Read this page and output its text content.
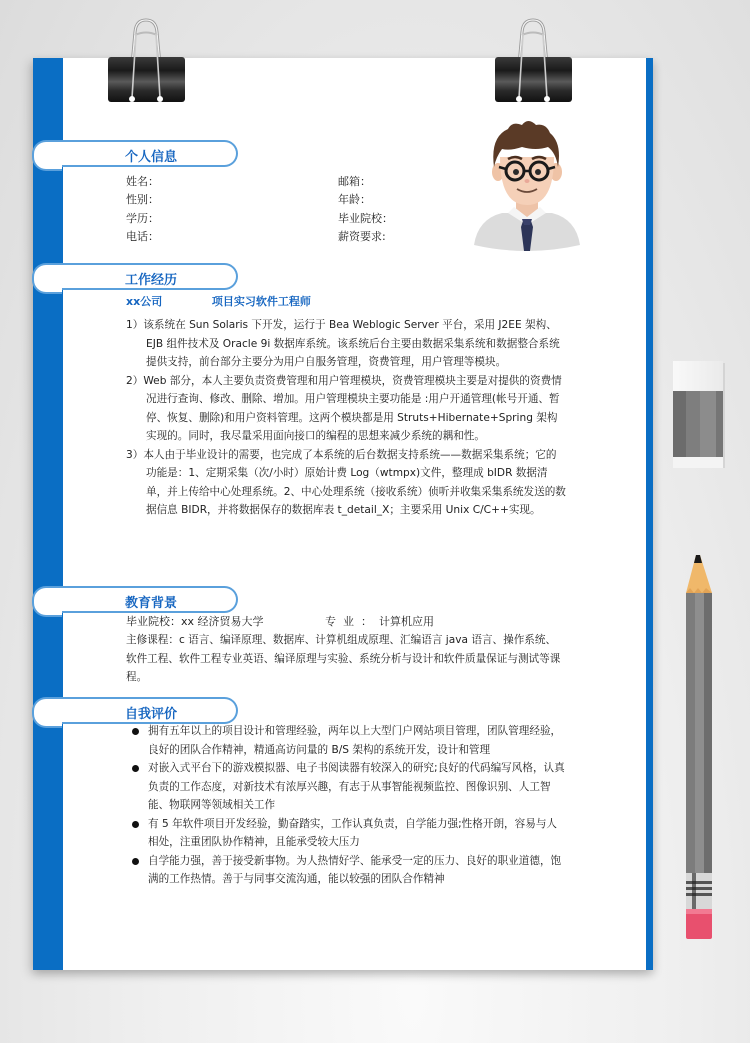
个人信息
姓名：
性别：
学历：
电话：
邮箱：
年龄：
毕业院校：
薪资要求:
工作经历
xx公司	项目实习软件工程师
1）该系统在 Sun Solaris 下开发，运行于 Bea Weblogic Server 平台，采用 J2EE 架构、EJB 组件技术及 Oracle 9i 数据库系统。该系统后台主要由数据采集系统和数据整合系统提供支持，前台部分主要分为用户自服务管理，资费管理，用户管理等模块。
2）Web 部分，本人主要负责资费管理和用户管理模块，资费管理模块主要是对提供的资费情况进行查询、修改、删除、增加。用户管理模块主要功能是 :用户开通管理(帐号开通、暂停、恢复、删除)和用户资料管理。这两个模块都是用 Struts+Hibernate+Spring 架构实现的。同时，我尽量采用面向接口的编程的思想来减少系统的耦和性。
3）本人由于毕业设计的需要，也完成了本系统的后台数据支持系统——数据采集系统；它的功能是：1、定期采集（次/小时）原始计费 Log（wtmpx)文件，整理成 bIDR 数据清单，并上传给中心处理系统。2、中心处理系统（接收系统）侦听并收集采集系统发送的数据信息 BIDR，并将数据保存的数据库表 t_detail_X；主要采用 Unix C/C++实现。
教育背景
毕业院校：xx 经济贸易大学	专  业  ：  计算机应用
主修课程：c 语言、编译原理、数据库、计算机组成原理、汇编语言 java 语言、操作系统、软件工程、软件工程专业英语、编译原理与实验、系统分析与设计和软件质量保证与测试等课程。
自我评价
拥有五年以上的项目设计和管理经验，两年以上大型门户网站项目管理，团队管理经验，良好的团队合作精神，精通高访问量的 B/S 架构的系统开发，设计和管理
对嵌入式平台下的游戏模拟器、电子书阅读器有较深入的研究;良好的代码编写风格，认真负责的工作态度，对新技术有浓厚兴趣，有志于从事智能视频监控、图像识别、人工智能、物联网等领域相关工作
有 5 年软件项目开发经验，勤奋踏实，工作认真负责，自学能力强;性格开朗，容易与人相处，注重团队协作精神，且能承受较大压力
自学能力强，善于接受新事物。为人热情好学、能承受一定的压力、良好的职业道德，饱满的工作热情。善于与同事交流沟通，能以较强的团队合作精神
